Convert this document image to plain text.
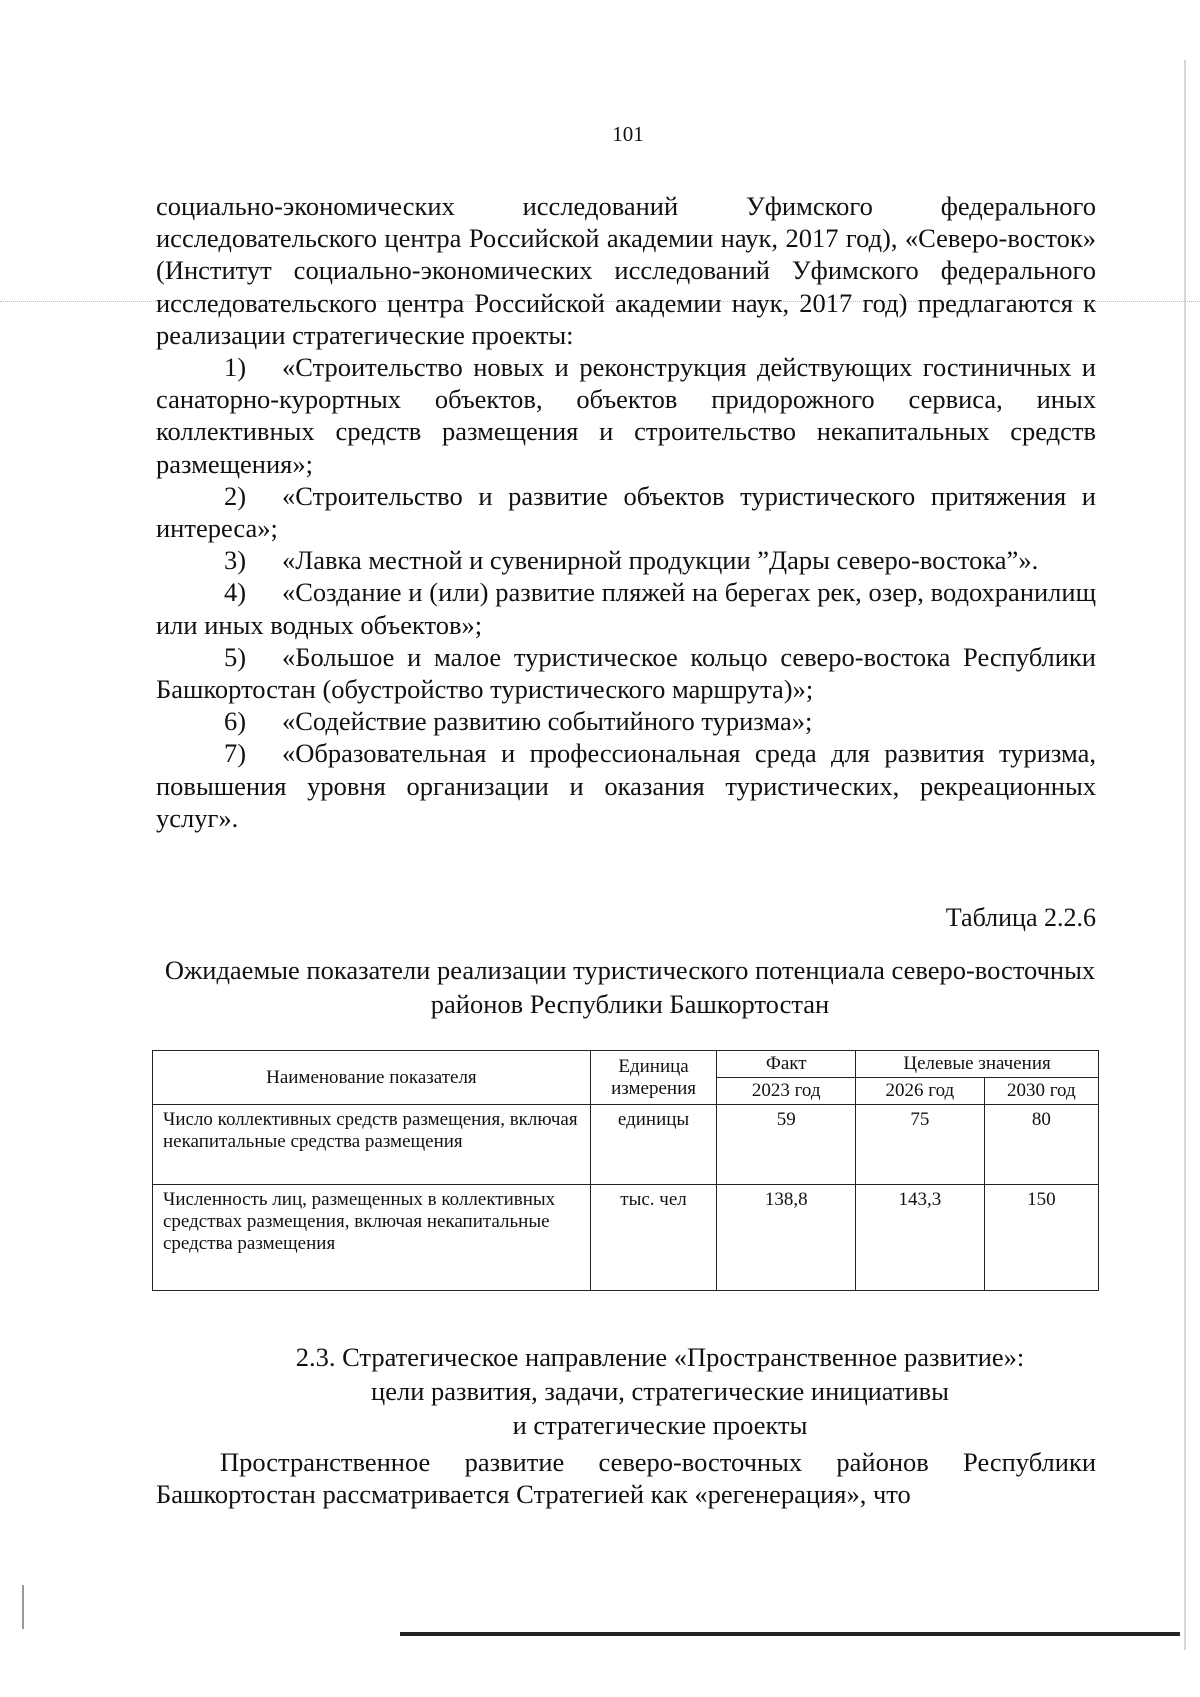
101

социально-экономических исследований Уфимского федерального исследовательского центра Российской академии наук, 2017 год), «Северо-восток» (Институт социально-экономических исследований Уфимского федерального исследовательского центра Российской академии наук, 2017 год) предлагаются к реализации стратегические проекты:

1) «Строительство новых и реконструкция действующих гостиничных и санаторно-курортных объектов, объектов придорожного сервиса, иных коллективных средств размещения и строительство некапитальных средств размещения»;

2) «Строительство и развитие объектов туристического притяжения и интереса»;

3) «Лавка местной и сувенирной продукции ”Дары северо-востока”».

4) «Создание и (или) развитие пляжей на берегах рек, озер, водохранилищ или иных водных объектов»;

5) «Большое и малое туристическое кольцо северо-востока Республики Башкортостан (обустройство туристического маршрута)»;

6) «Содействие развитию событийного туризма»;

7) «Образовательная и профессиональная среда для развития туризма, повышения уровня организации и оказания туристических, рекреационных услуг».

Таблица 2.2.6
Ожидаемые показатели реализации туристического потенциала северо-восточных районов Республики Башкортостан
Наименование показателя	Единица измерения	Факт	Целевые значения	
		2023 год	2026 год	2030 год
Число коллективных средств размещения, включая некапитальные средства размещения	единицы	59	75	80
Численность лиц, размещенных в коллективных средствах размещения, включая некапитальные средства размещения	тыс. чел	138,8	143,3	150
2.3. Стратегическое направление «Пространственное развитие»:
цели развития, задачи, стратегические инициативы
и стратегические проекты

Пространственное развитие северо-восточных районов Республики Башкортостан рассматривается Стратегией как «регенерация», что
